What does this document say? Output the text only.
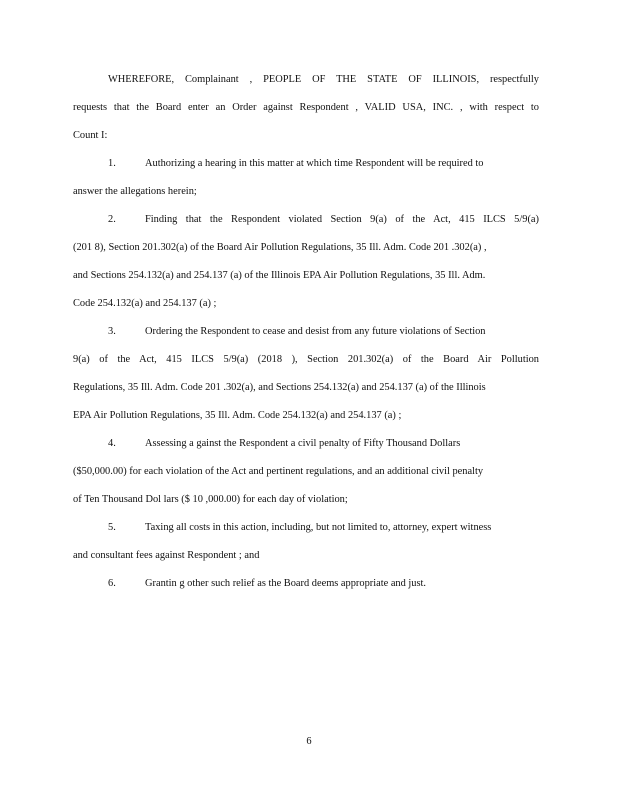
WHEREFORE, Complainant , PEOPLE OF THE STATE OF ILLINOIS, respectfully
requests that the Board enter an Order against Respondent , VALID USA, INC. , with respect to
Count I:
1.	Authorizing a hearing in this matter at which time Respondent will be required to
answer the allegations herein;
2.	Finding that the Respondent violated Section 9(a) of the Act, 415 ILCS 5/9(a)
(201 8), Section 201.302(a) of the Board Air Pollution Regulations, 35 Ill. Adm. Code 201 .302(a) ,
and Sections 254.132(a) and 254.137 (a) of the Illinois EPA Air Pollution Regulations, 35 Ill. Adm.
Code 254.132(a) and 254.137 (a) ;
3.	Ordering the Respondent to cease and desist from any future violations of Section
9(a) of the Act, 415 ILCS 5/9(a) (2018 ), Section 201.302(a) of the Board Air Pollution
Regulations, 35 Ill. Adm. Code 201 .302(a), and Sections 254.132(a) and 254.137 (a) of the Illinois
EPA Air Pollution Regulations, 35 Ill. Adm. Code 254.132(a) and 254.137 (a) ;
4.	Assessing a gainst the Respondent a civil penalty of Fifty Thousand Dollars
($50,000.00) for each violation of the Act and pertinent regulations, and an additional civil penalty
of Ten Thousand Dol lars ($ 10 ,000.00) for each day of violation;
5.	Taxing all costs in this action, including, but not limited to, attorney, expert witness
and consultant fees against Respondent ; and
6.	Grantin g other such relief as the Board deems appropriate and just.
6
